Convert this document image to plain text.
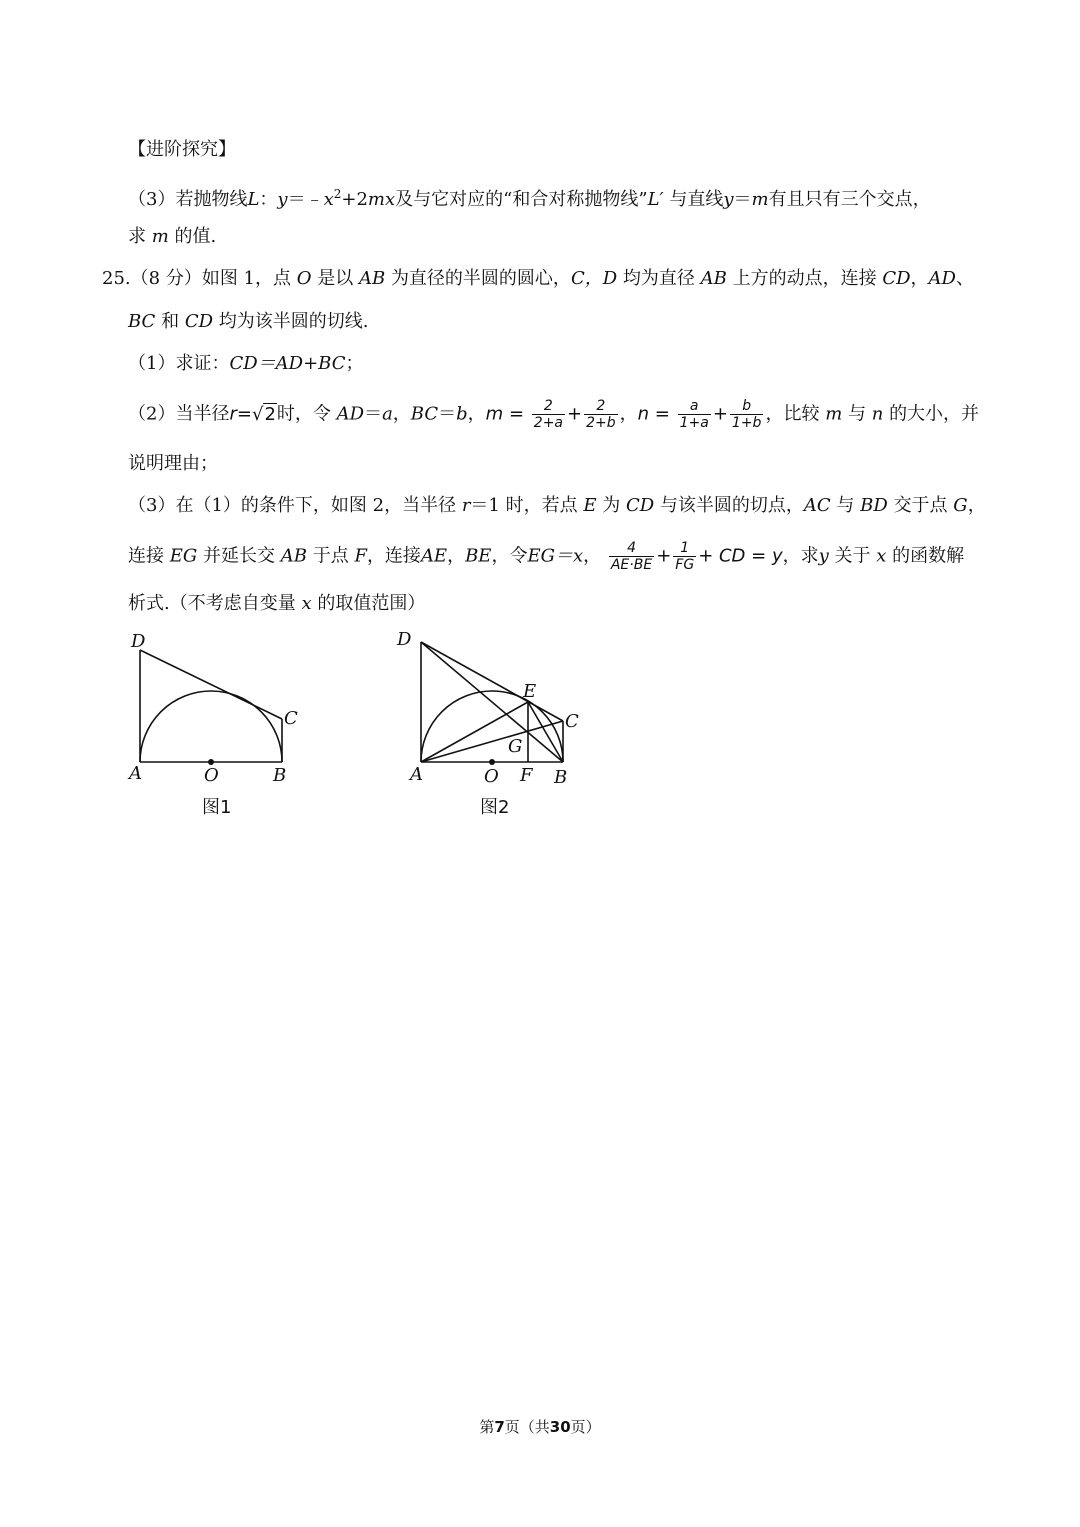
【进阶探究】
（3）若抛物线L：$y=﹣x^2+2mx$及与它对应的“和合对称抛物线”L′ 与直线y＝m有且只有三个交点，
求 m 的值.
25.（8 分）如图 1，点 O 是以 AB 为直径的半圆的圆心，C，D 均为直径 AB 上方的动点，连接 CD，AD、
BC 和 CD 均为该半圆的切线.
（1）求证：CD＝AD+BC；
（2）当半径r=√2时，令 AD＝a，BC＝b，$m = \frac{2}{2+a} + \frac{2}{2+b}$ ，$n = \frac{a}{1+a} + \frac{b}{1+b}$ ，比较 m 与 n 的大小，并
说明理由；
（3）在（1）的条件下，如图 2，当半径 r＝1 时，若点 E 为 CD 与该半圆的切点，AC 与 BD 交于点 G，
连接 EG 并延长交 AB 于点 F，连接AE，BE，令EG＝x， $\frac{4}{AE\cdot BE} + \frac{1}{FG}$ + CD = y，求y 关于 x 的函数解
析式.（不考虑自变量 x 的取值范围）
D
C
A	O	B
图1
D
E
C
G
A	O F B
图2
第7页（共30页）
